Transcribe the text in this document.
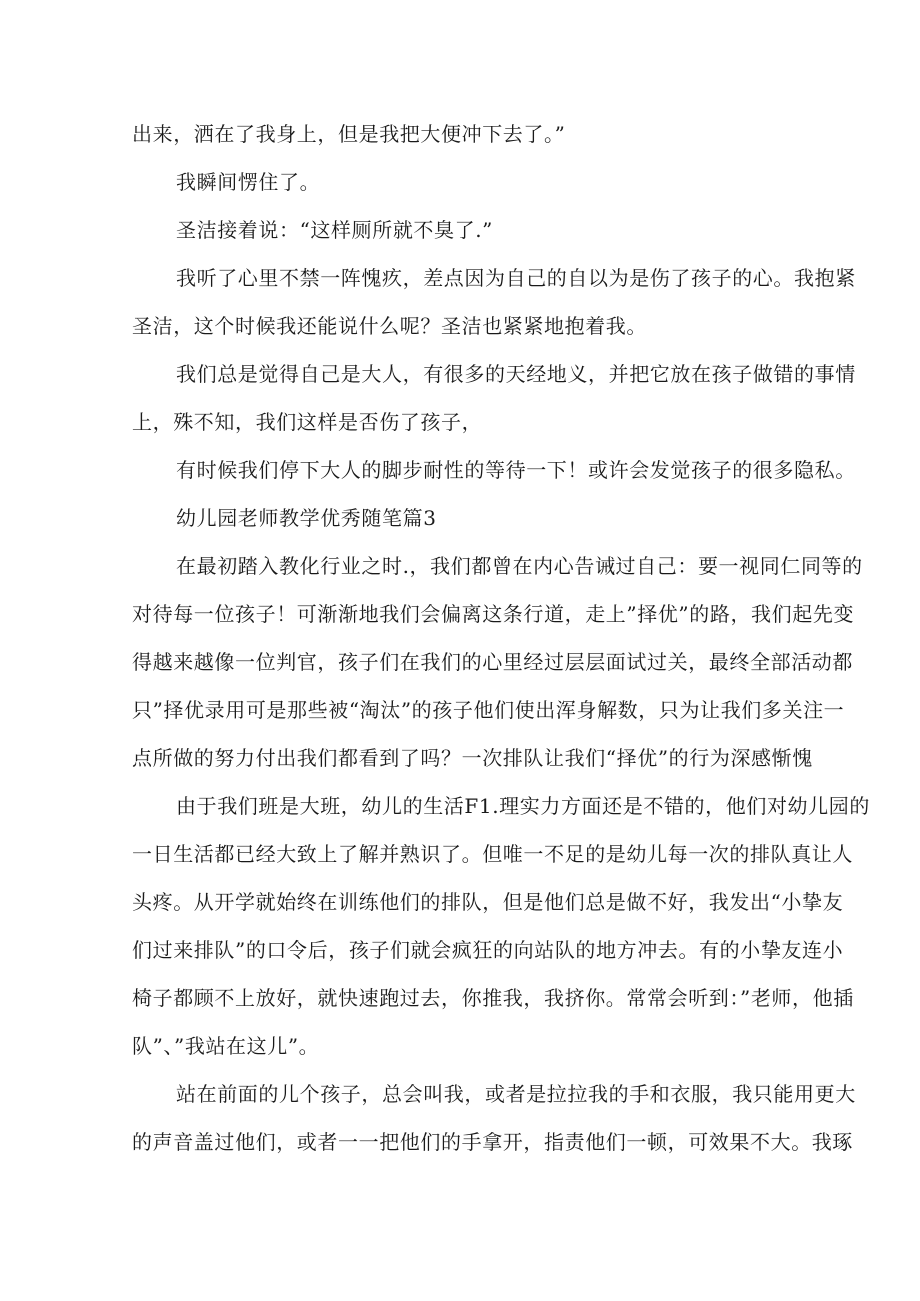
出来，洒在了我身上，但是我把大便冲下去了。”
我瞬间愣住了。
圣洁接着说：“这样厕所就不臭了.”
我听了心里不禁一阵愧疚，差点因为自己的自以为是伤了孩子的心。我抱紧
圣洁，这个时候我还能说什么呢？圣洁也紧紧地抱着我。
我们总是觉得自己是大人，有很多的天经地义，并把它放在孩子做错的事情
上，殊不知，我们这样是否伤了孩子，
有时候我们停下大人的脚步耐性的等待一下！或许会发觉孩子的很多隐私。
幼儿园老师教学优秀随笔篇3
在最初踏入教化行业之时.，我们都曾在内心告诫过自己：要一视同仁同等的
对待每一位孩子！可渐渐地我们会偏离这条行道，走上”择优”的路，我们起先变
得越来越像一位判官，孩子们在我们的心里经过层层面试过关，最终全部活动都
只”择优录用可是那些被“淘汰”的孩子他们使出浑身解数，只为让我们多关注一
点所做的努力付出我们都看到了吗？一次排队让我们“择优”的行为深感惭愧
由于我们班是大班，幼儿的生活F1.理实力方面还是不错的，他们对幼儿园的
一日生活都已经大致上了解并熟识了。但唯一不足的是幼儿每一次的排队真让人
头疼。从开学就始终在训练他们的排队，但是他们总是做不好，我发出“小挚友
们过来排队”的口令后，孩子们就会疯狂的向站队的地方冲去。有的小挚友连小
椅子都顾不上放好，就快速跑过去，你推我，我挤你。常常会听到：”老师，他插
队”、”我站在这儿”。
站在前面的儿个孩子，总会叫我，或者是拉拉我的手和衣服，我只能用更大
的声音盖过他们，或者一一把他们的手拿开，指责他们一顿，可效果不大。我琢
